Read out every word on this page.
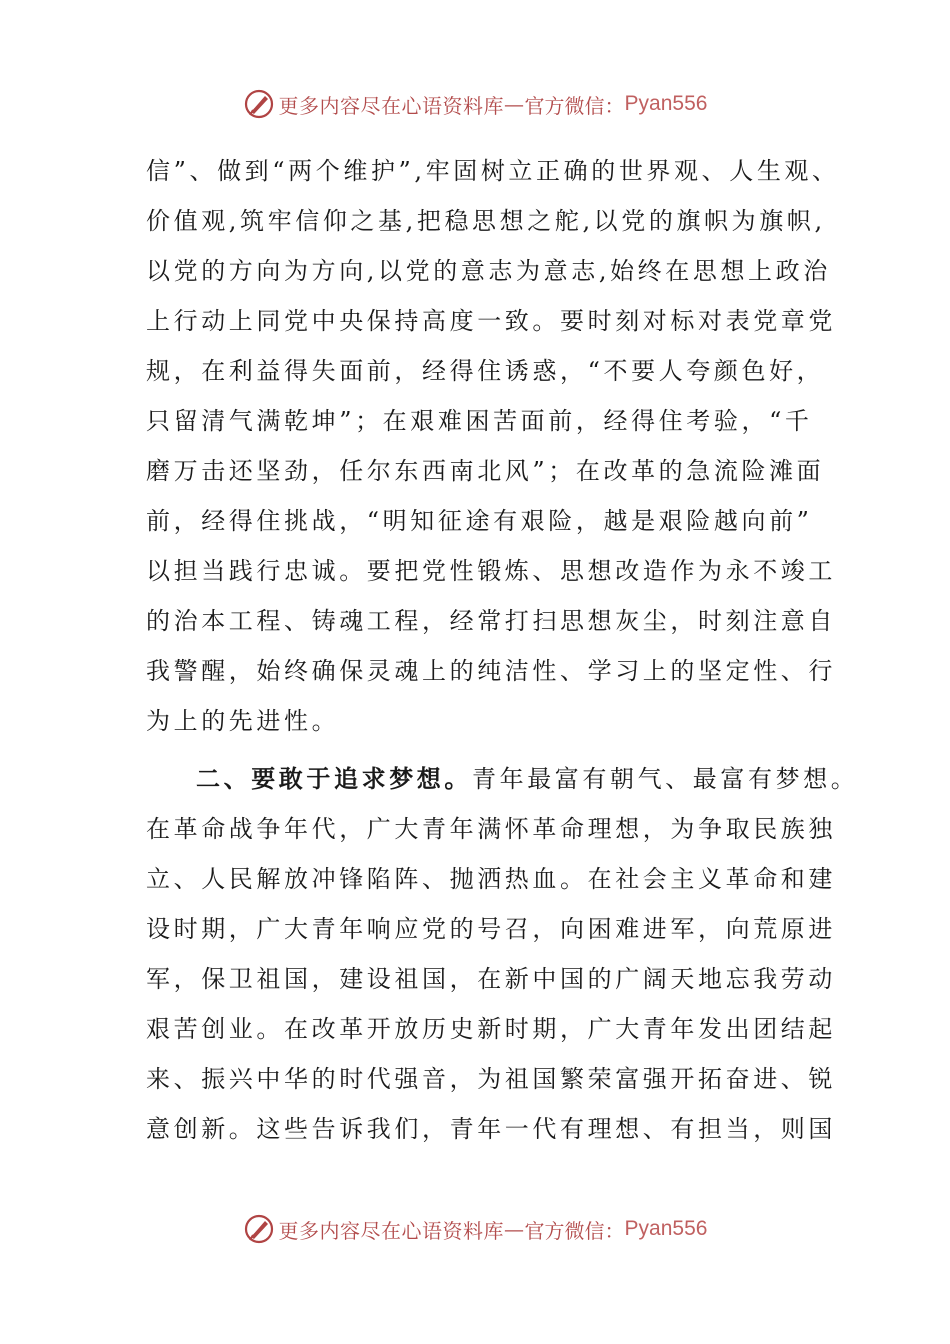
更多内容尽在心语资料库 — 官方微信： Pyan556
信”、做到“两个维护”,牢固树立正确的世界观、人生观、
价值观,筑牢信仰之基,把稳思想之舵,以党的旗帜为旗帜,
以党的方向为方向,以党的意志为意志,始终在思想上政治
上行动上同党中央保持高度一致。要时刻对标对表党章党
规，在利益得失面前，经得住诱惑，“不要人夸颜色好，
只留清气满乾坤”；在艰难困苦面前，经得住考验，“千
磨万击还坚劲，任尔东西南北风”；在改革的急流险滩面
前，经得住挑战，“明知征途有艰险，越是艰险越向前”
以担当践行忠诚。要把党性锻炼、思想改造作为永不竣工
的治本工程、铸魂工程，经常打扫思想灰尘，时刻注意自
我警醒，始终确保灵魂上的纯洁性、学习上的坚定性、行
为上的先进性。
二、要敢于追求梦想。青年最富有朝气、最富有梦想。
在革命战争年代，广大青年满怀革命理想，为争取民族独
立、人民解放冲锋陷阵、抛洒热血。在社会主义革命和建
设时期，广大青年响应党的号召，向困难进军，向荒原进
军，保卫祖国，建设祖国，在新中国的广阔天地忘我劳动
艰苦创业。在改革开放历史新时期，广大青年发出团结起
来、振兴中华的时代强音，为祖国繁荣富强开拓奋进、锐
意创新。这些告诉我们，青年一代有理想、有担当，则国
更多内容尽在心语资料库 — 官方微信： Pyan556
